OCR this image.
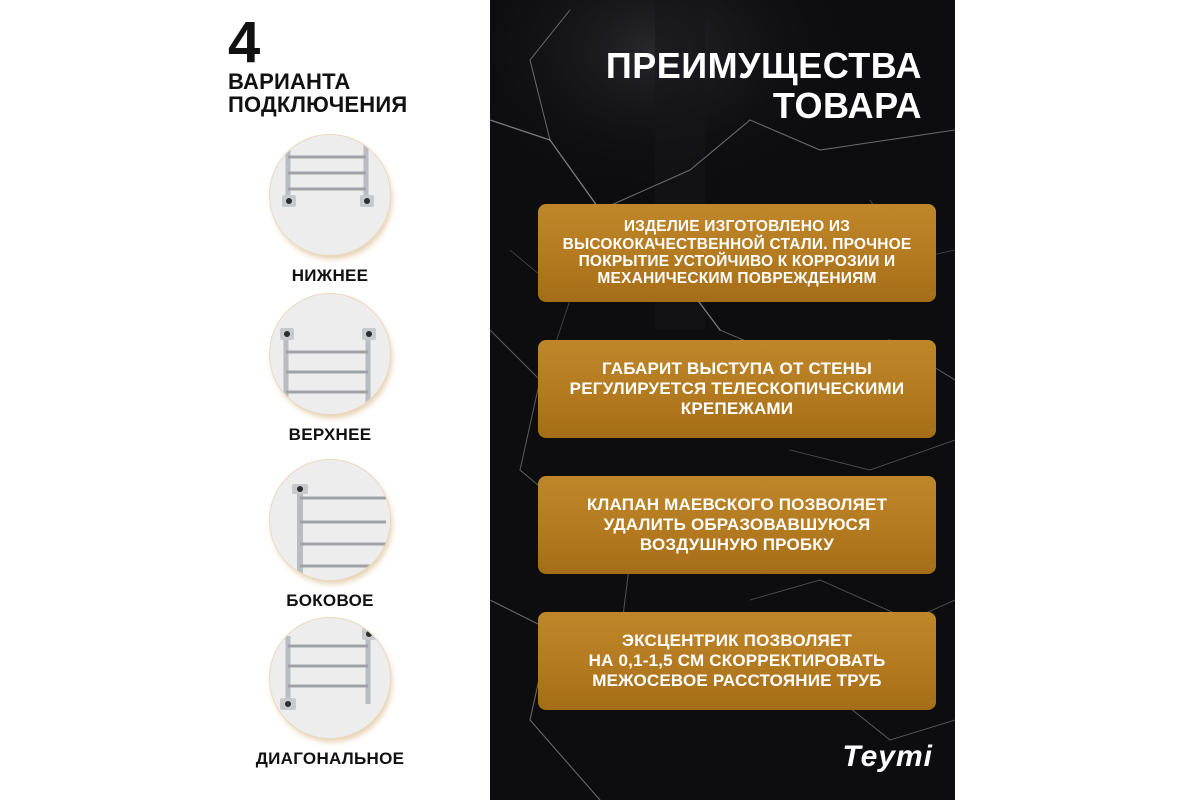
4
ВАРИАНТА
ПОДКЛЮЧЕНИЯ
НИЖНЕЕ
ВЕРХНЕЕ
БОКОВОЕ
ДИАГОНАЛЬНОЕ
ПРЕИМУЩЕСТВА
ТОВАРА
ИЗДЕЛИЕ ИЗГОТОВЛЕНО ИЗ
ВЫСОКОКАЧЕСТВЕННОЙ СТАЛИ. ПРОЧНОЕ
ПОКРЫТИЕ УСТОЙЧИВО К КОРРОЗИИ И
МЕХАНИЧЕСКИМ ПОВРЕЖДЕНИЯМ
ГАБАРИТ ВЫСТУПА ОТ СТЕНЫ
РЕГУЛИРУЕТСЯ ТЕЛЕСКОПИЧЕСКИМИ
КРЕПЕЖАМИ
КЛАПАН МАЕВСКОГО ПОЗВОЛЯЕТ
УДАЛИТЬ ОБРАЗОВАВШУЮСЯ
ВОЗДУШНУЮ ПРОБКУ
ЭКСЦЕНТРИК ПОЗВОЛЯЕТ
НА 0,1-1,5 СМ СКОРРЕКТИРОВАТЬ
МЕЖОСЕВОЕ РАССТОЯНИЕ ТРУБ
Teymi
